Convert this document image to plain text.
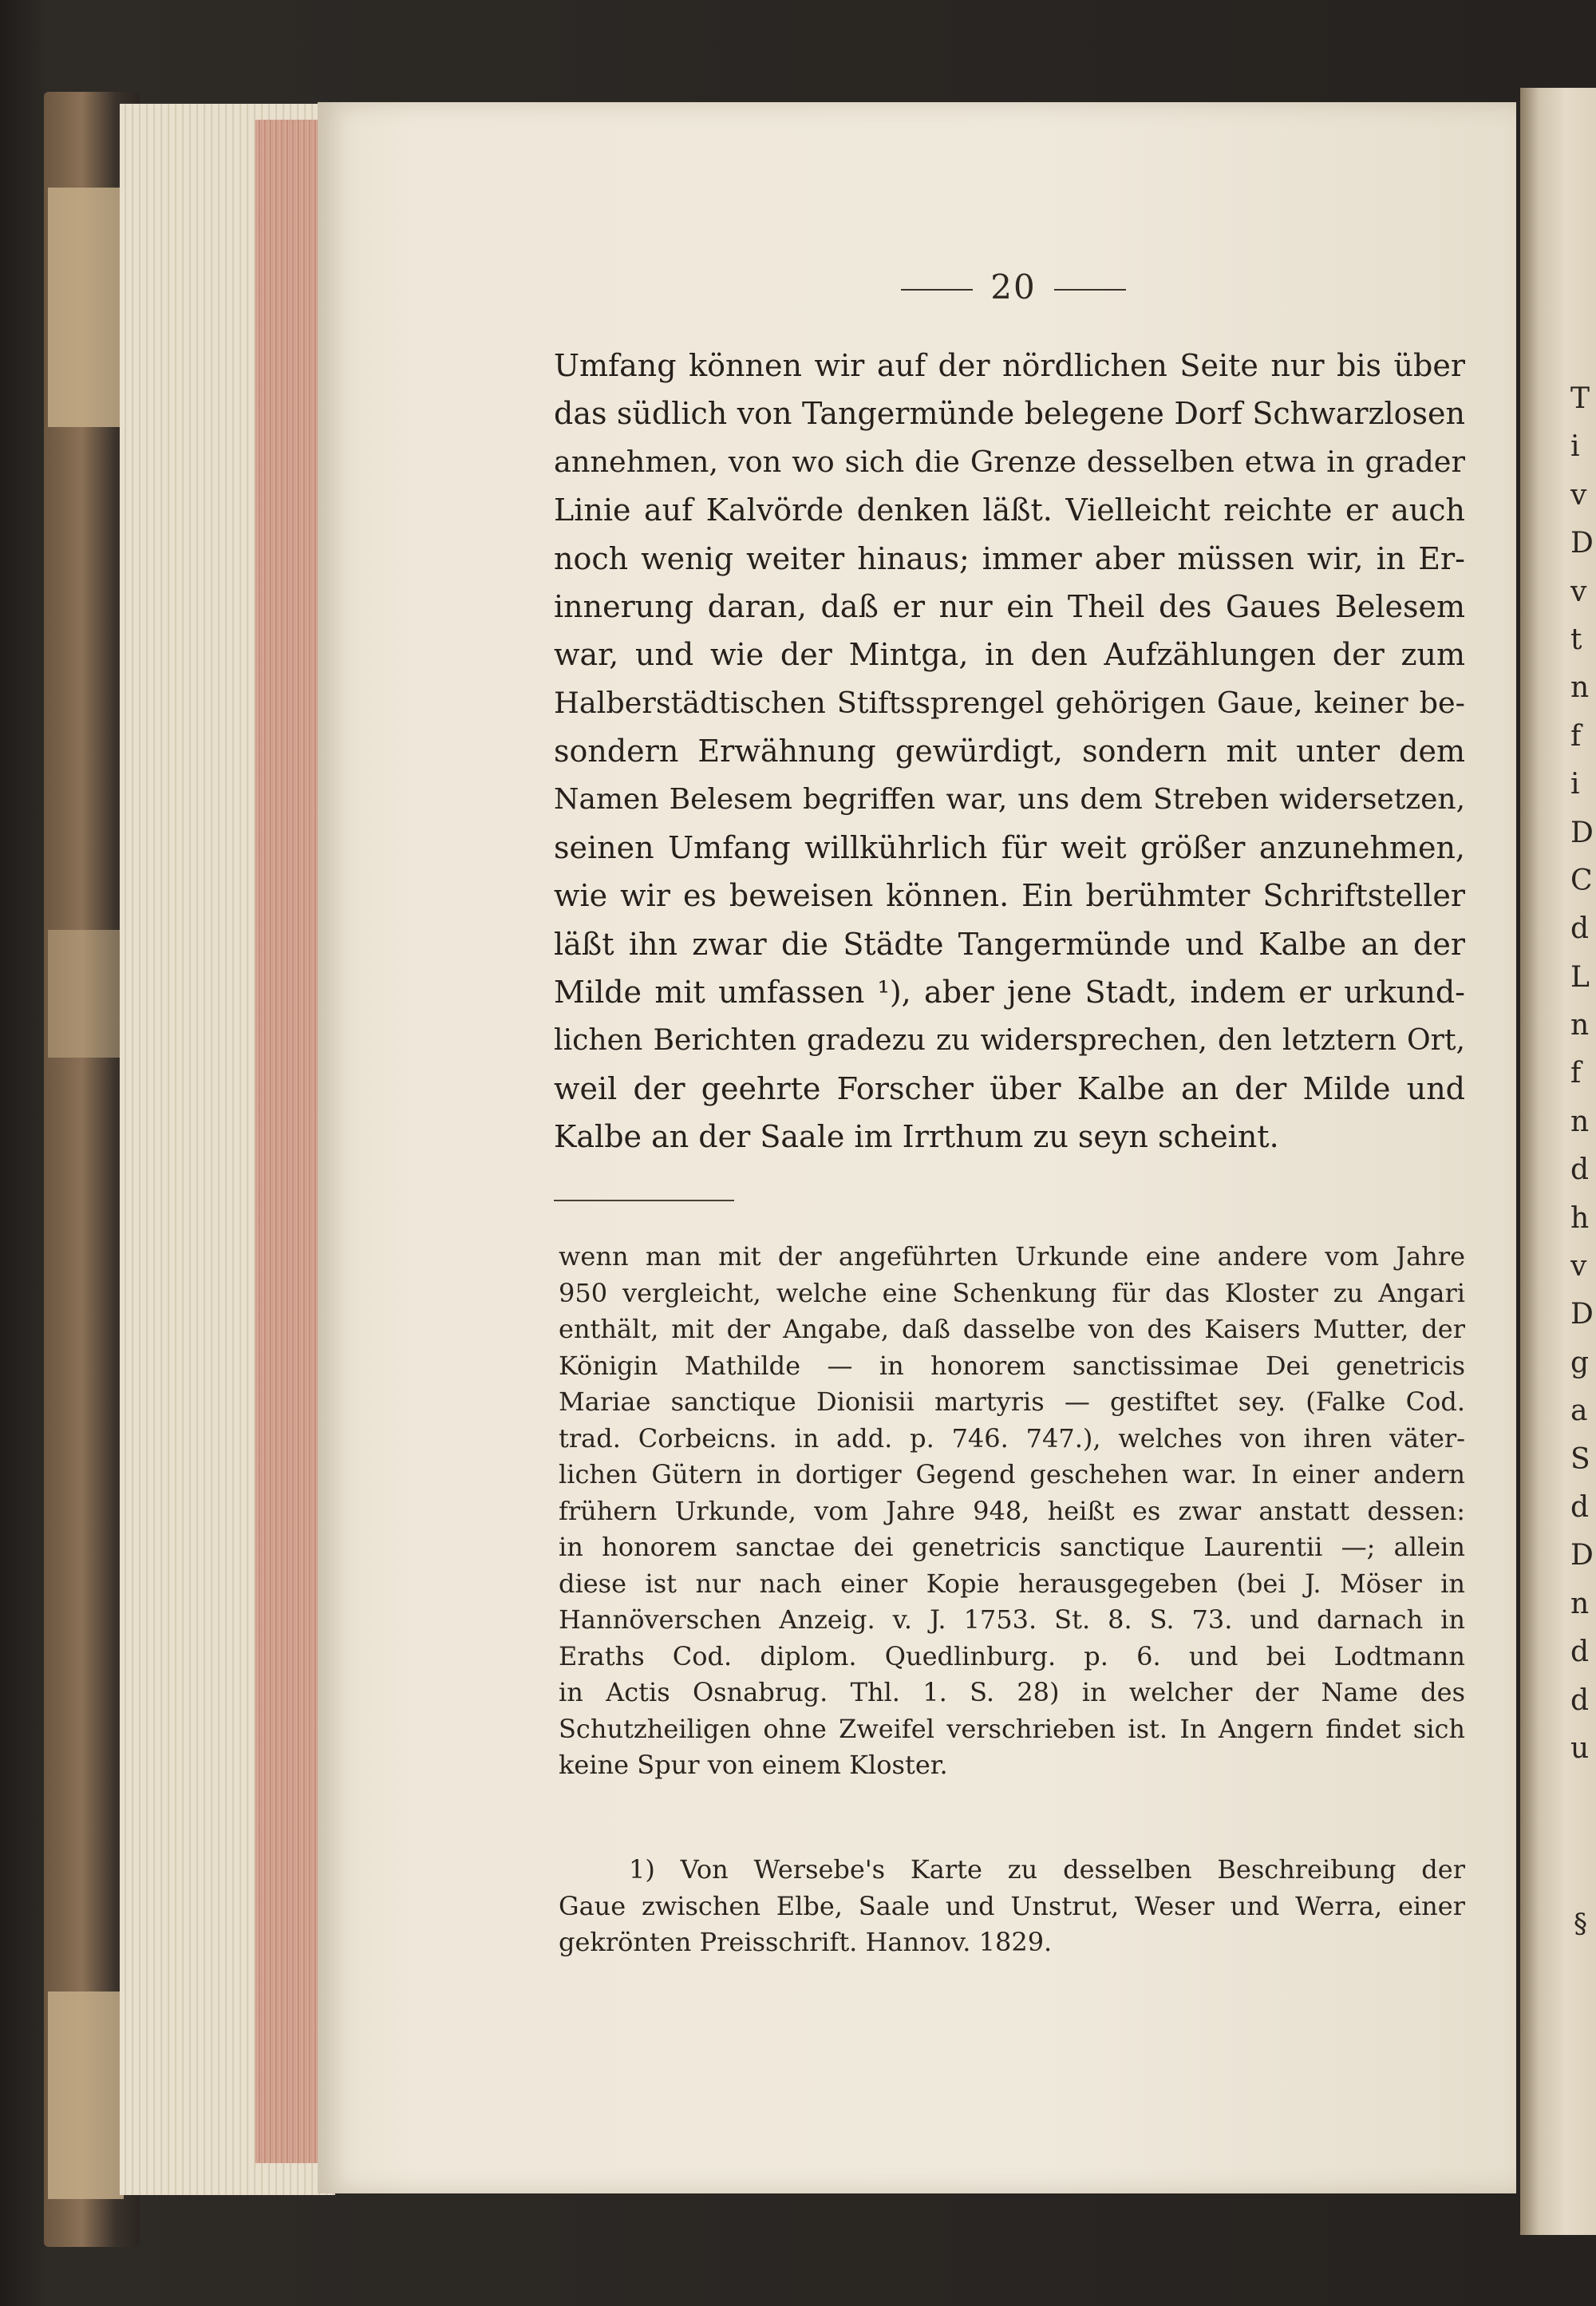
T
i
v
D
v
t
n
f
i
D
C
d
L
n
f
n
d
h
v
D
g
a
S
d
D
n
d
d
u
§
20
Umfang können wir auf der nördlichen Seite nur bis über
das südlich von Tangermünde belegene Dorf Schwarzlosen
annehmen, von wo sich die Grenze desselben etwa in grader
Linie auf Kalvörde denken läßt. Vielleicht reichte er auch
noch wenig weiter hinaus; immer aber müssen wir, in Er-
innerung daran, daß er nur ein Theil des Gaues Belesem
war, und wie der Mintga, in den Aufzählungen der zum
Halberstädtischen Stiftssprengel gehörigen Gaue, keiner be-
sondern Erwähnung gewürdigt, sondern mit unter dem
Namen Belesem begriffen war, uns dem Streben widersetzen,
seinen Umfang willkührlich für weit größer anzunehmen,
wie wir es beweisen können. Ein berühmter Schriftsteller
läßt ihn zwar die Städte Tangermünde und Kalbe an der
Milde mit umfassen ¹), aber jene Stadt, indem er urkund-
lichen Berichten gradezu zu widersprechen, den letztern Ort,
weil der geehrte Forscher über Kalbe an der Milde und
Kalbe an der Saale im Irrthum zu seyn scheint.
wenn man mit der angeführten Urkunde eine andere vom Jahre
950 vergleicht, welche eine Schenkung für das Kloster zu Angari
enthält, mit der Angabe, daß dasselbe von des Kaisers Mutter, der
Königin Mathilde — in honorem sanctissimae Dei genetricis
Mariae sanctique Dionisii martyris — gestiftet sey. (Falke Cod.
trad. Corbeicns. in add. p. 746. 747.), welches von ihren väter-
lichen Gütern in dortiger Gegend geschehen war. In einer andern
frühern Urkunde, vom Jahre 948, heißt es zwar anstatt dessen:
in honorem sanctae dei genetricis sanctique Laurentii —; allein
diese ist nur nach einer Kopie herausgegeben (bei J. Möser in
Hannöverschen Anzeig. v. J. 1753. St. 8. S. 73. und darnach in
Eraths Cod. diplom. Quedlinburg. p. 6. und bei Lodtmann
in Actis Osnabrug. Thl. 1. S. 28) in welcher der Name des
Schutzheiligen ohne Zweifel verschrieben ist. In Angern findet sich
keine Spur von einem Kloster.
1) Von Wersebe's Karte zu desselben Beschreibung der
Gaue zwischen Elbe, Saale und Unstrut, Weser und Werra, einer
gekrönten Preisschrift. Hannov. 1829.
